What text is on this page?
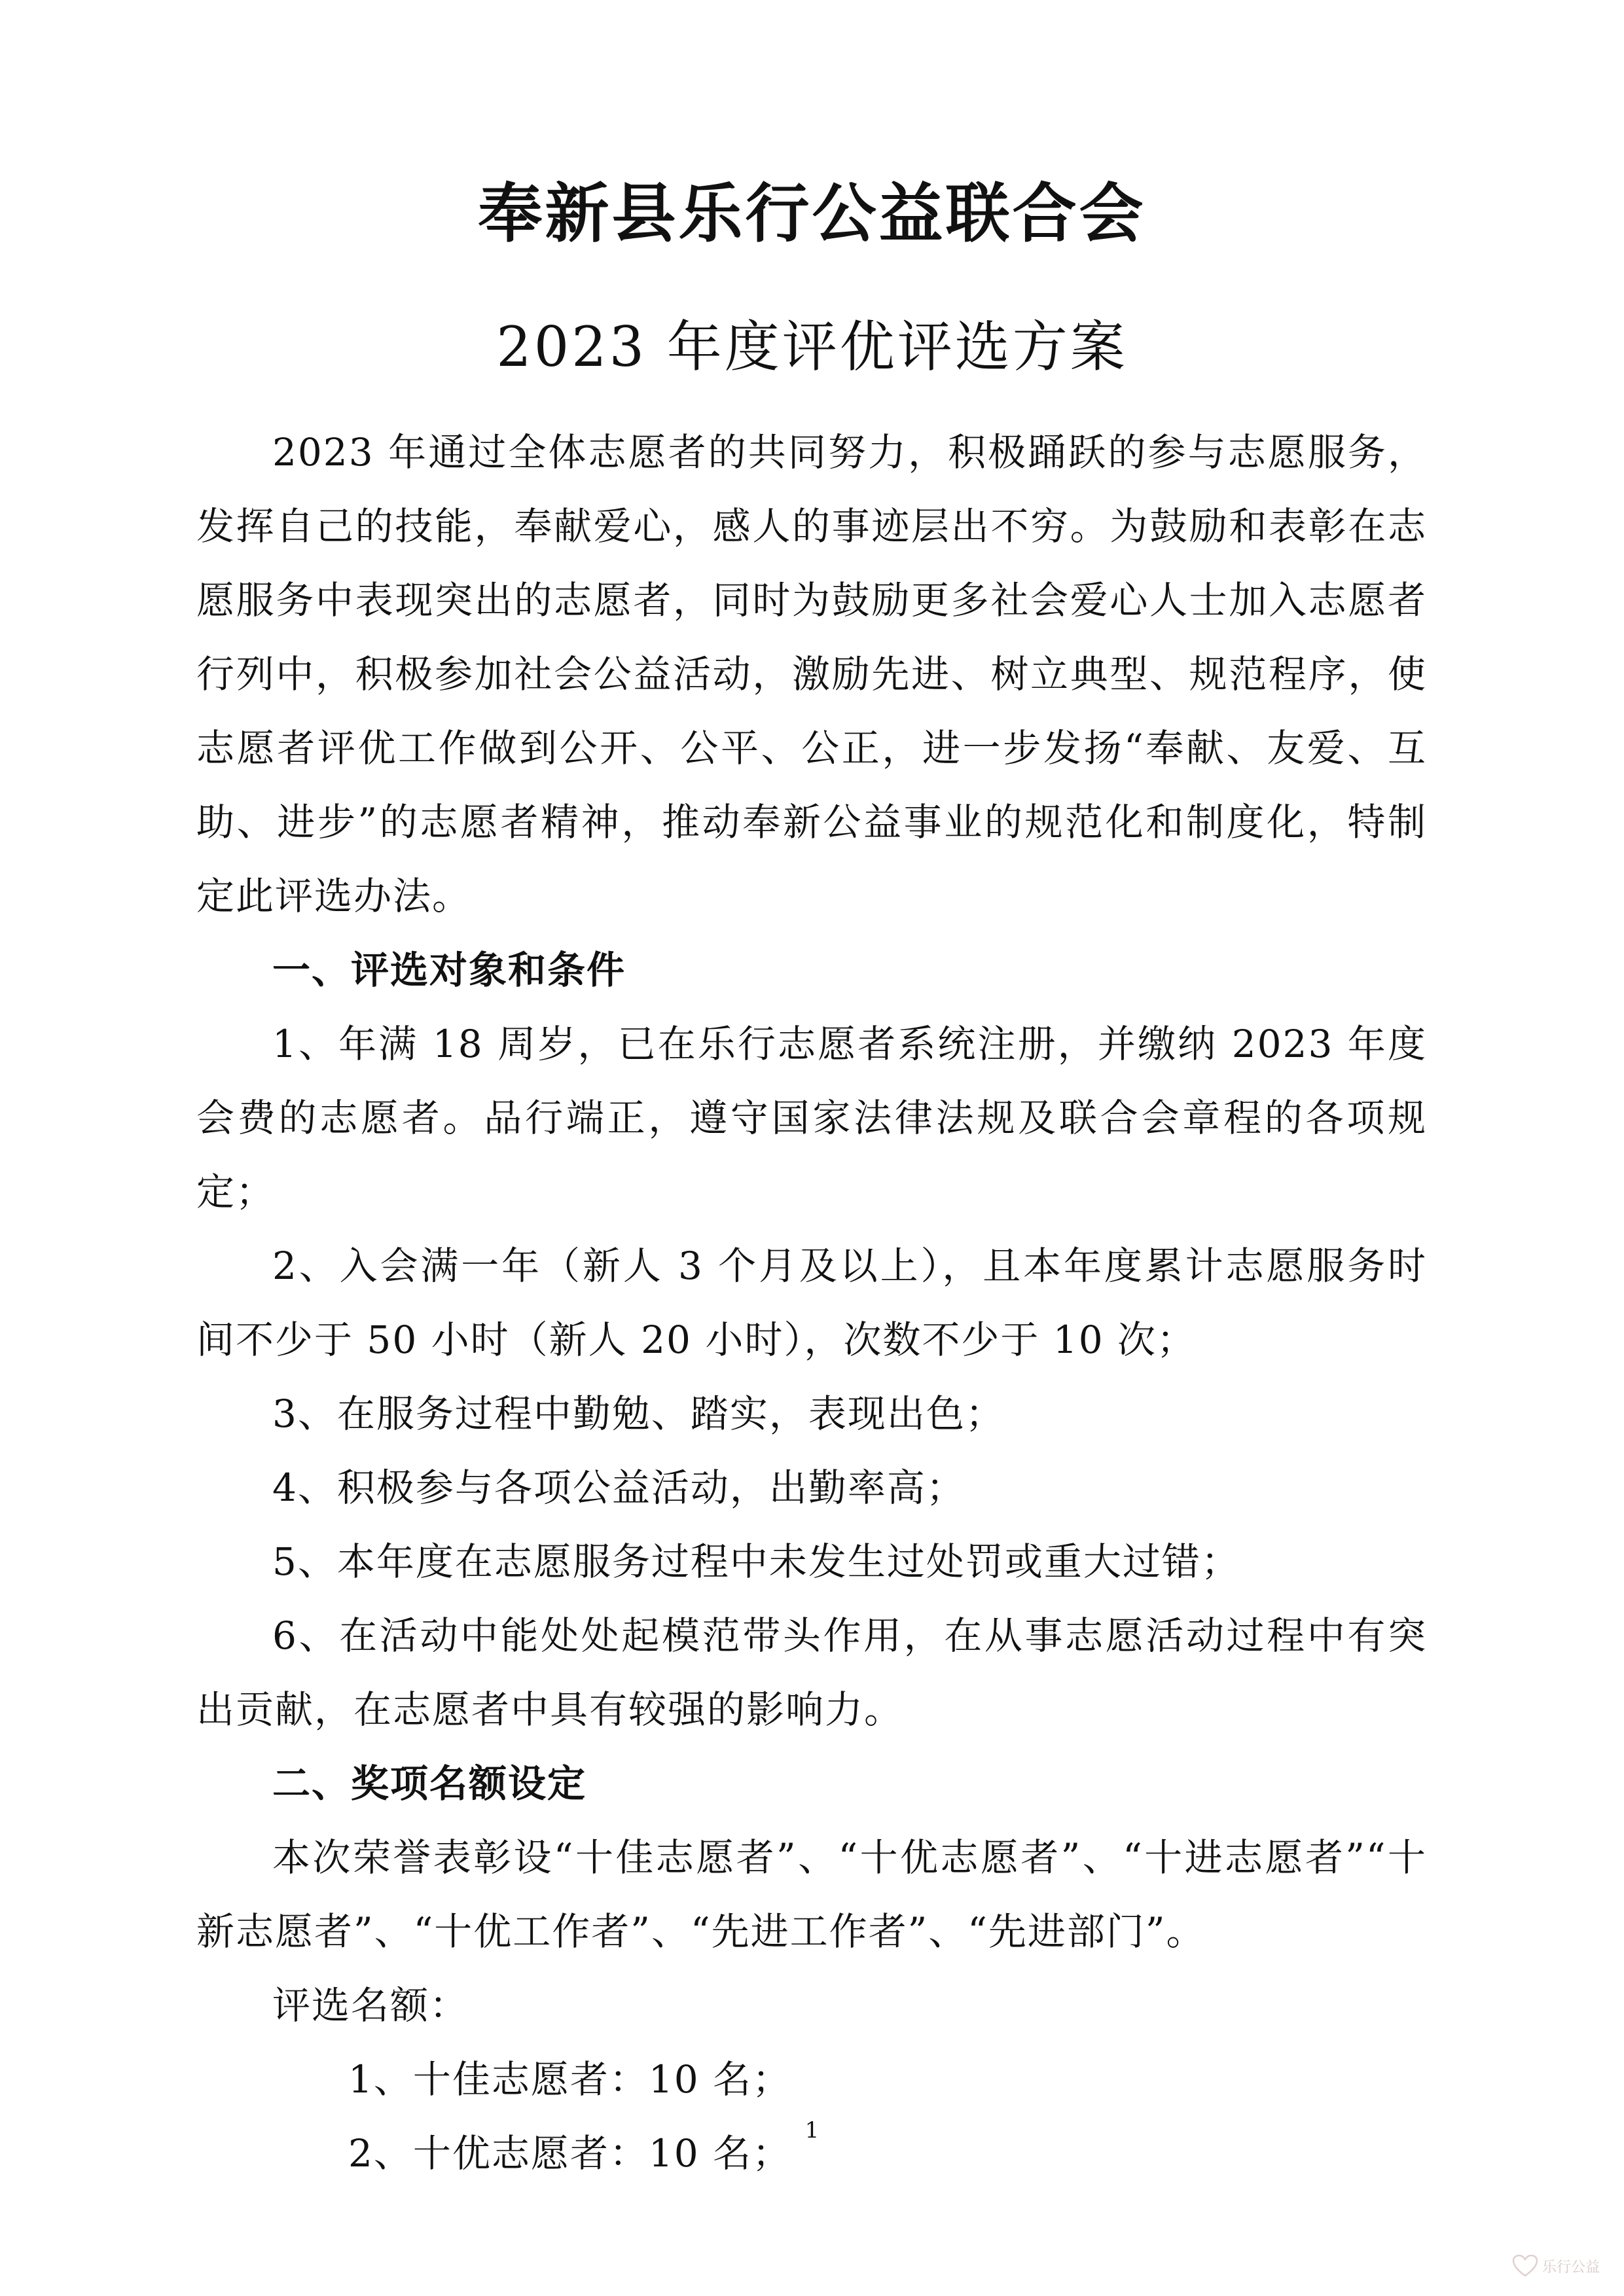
奉新县乐行公益联合会
2023 年度评优评选方案

2023 年通过全体志愿者的共同努力，积极踊跃的参与志愿服务，发挥自己的技能，奉献爱心，感人的事迹层出不穷。为鼓励和表彰在志愿服务中表现突出的志愿者，同时为鼓励更多社会爱心人士加入志愿者行列中，积极参加社会公益活动，激励先进、树立典型、规范程序，使志愿者评优工作做到公开、公平、公正，进一步发扬“奉献、友爱、互助、进步”的志愿者精神，推动奉新公益事业的规范化和制度化，特制定此评选办法。

一、评选对象和条件

1、年满 18 周岁，已在乐行志愿者系统注册，并缴纳 2023 年度会费的志愿者。品行端正，遵守国家法律法规及联合会章程的各项规定；

2、入会满一年（新人 3 个月及以上），且本年度累计志愿服务时间不少于 50 小时（新人 20 小时），次数不少于 10 次；

3、在服务过程中勤勉、踏实，表现出色；

4、积极参与各项公益活动，出勤率高；

5、本年度在志愿服务过程中未发生过处罚或重大过错；

6、在活动中能处处起模范带头作用，在从事志愿活动过程中有突出贡献，在志愿者中具有较强的影响力。

二、奖项名额设定

本次荣誉表彰设“十佳志愿者”、“十优志愿者”、“十进志愿者”“十新志愿者”、“十优工作者”、“先进工作者”、“先进部门”。

评选名额：

1、十佳志愿者：10 名；

2、十优志愿者：10 名；

1
乐行公益
